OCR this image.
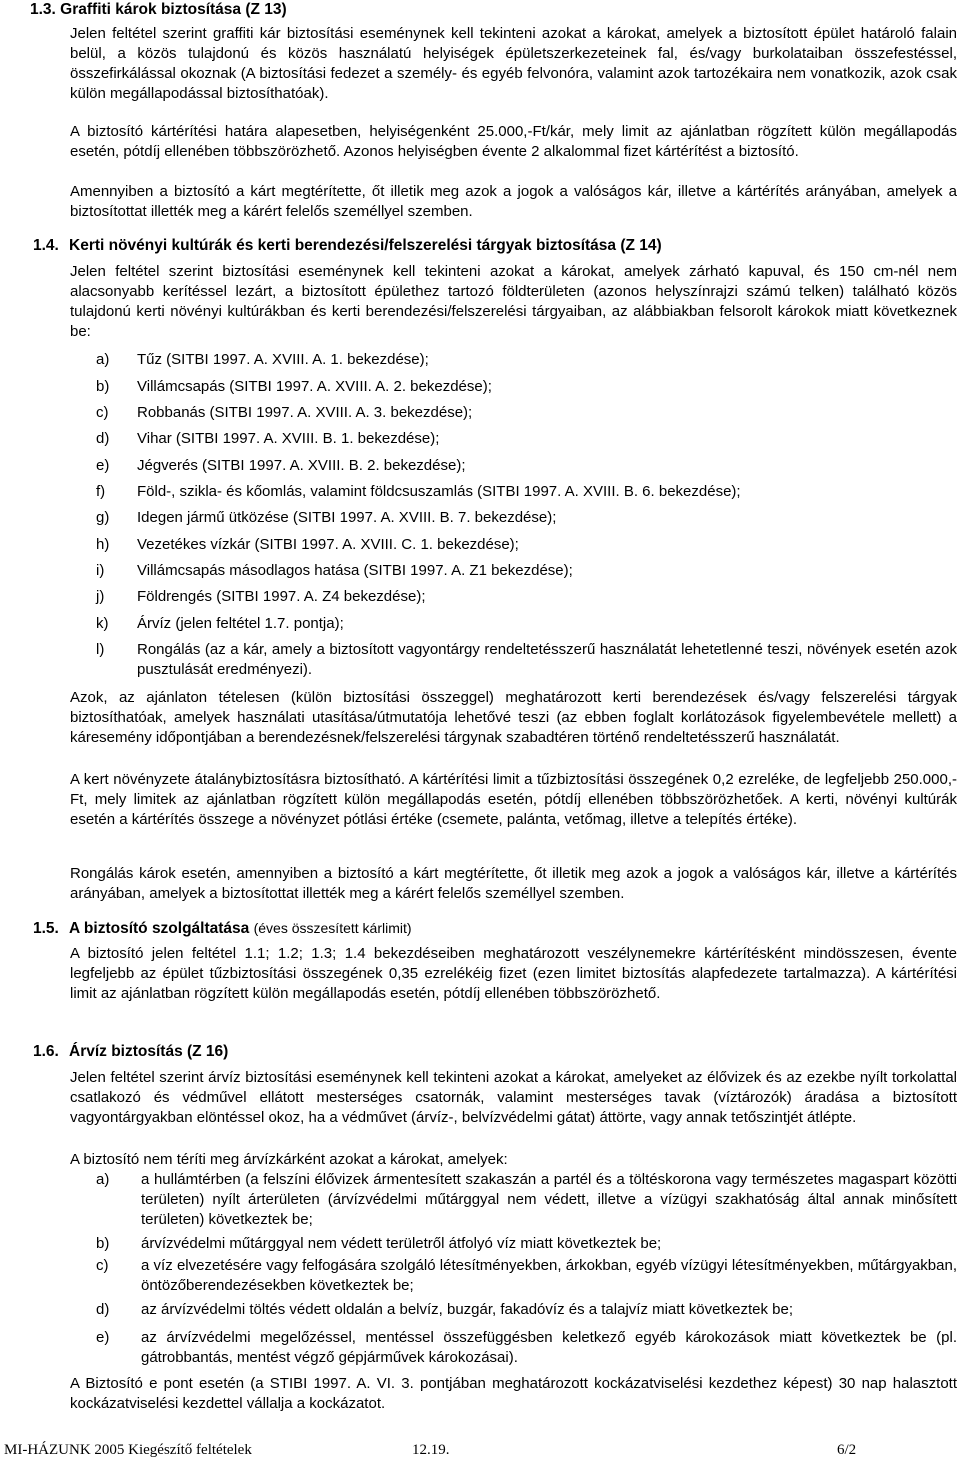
1.3. Graffiti károk biztosítása (Z 13)
Jelen feltétel szerint graffiti kár biztosítási eseménynek kell tekinteni azokat a károkat, amelyek a biztosított épület határoló falain belül, a közös tulajdonú és közös használatú helyiségek épületszerkezeteinek fal, és/vagy burkolataiban összefestéssel, összefirkálással okoznak (A biztosítási fedezet a személy- és egyéb felvonóra, valamint azok tartozékaira nem vonatkozik, azok csak külön megállapodással biztosíthatóak).
A biztosító kártérítési határa alapesetben, helyiségenként 25.000,-Ft/kár, mely limit az ajánlatban rögzített külön megállapodás esetén, pótdíj ellenében többszörözhető. Azonos helyiségben évente 2 alkalommal fizet kártérítést a biztosító.
Amennyiben a biztosító a kárt megtérítette, őt illetik meg azok a jogok a valóságos kár, illetve a kártérítés arányában, amelyek a biztosítottat illették meg a kárért felelős személlyel szemben.
1.4. Kerti növényi kultúrák és kerti berendezési/felszerelési tárgyak biztosítása (Z 14)
Jelen feltétel szerint biztosítási eseménynek kell tekinteni azokat a károkat, amelyek zárható kapuval, és 150 cm-nél nem alacsonyabb kerítéssel lezárt, a biztosított épülethez tartozó földterületen (azonos helyszínrajzi számú telken) található közös tulajdonú kerti növényi kultúrákban és kerti berendezési/felszerelési tárgyaiban, az alábbiakban felsorolt károkok miatt következnek be:
a) Tűz (SITBI 1997. A. XVIII. A. 1. bekezdése);
b) Villámcsapás (SITBI 1997. A. XVIII. A. 2. bekezdése);
c) Robbanás (SITBI 1997. A. XVIII. A. 3. bekezdése);
d) Vihar (SITBI 1997. A. XVIII. B. 1. bekezdése);
e) Jégverés (SITBI 1997. A. XVIII. B. 2. bekezdése);
f) Föld-, szikla- és kőomlás, valamint földcsuszamlás (SITBI 1997. A. XVIII. B. 6. bekezdése);
g) Idegen jármű ütközése (SITBI 1997. A. XVIII. B. 7. bekezdése);
h) Vezetékes vízkár (SITBI 1997. A. XVIII. C. 1. bekezdése);
i) Villámcsapás másodlagos hatása (SITBI 1997. A. Z1 bekezdése);
j) Földrengés (SITBI 1997. A. Z4 bekezdése);
k) Árvíz (jelen feltétel 1.7. pontja);
l) Rongálás (az a kár, amely a biztosított vagyontárgy rendeltetésszerű használatát lehetetlenné teszi, növények esetén azok pusztulását eredményezi).
Azok, az ajánlaton tételesen (külön biztosítási összeggel) meghatározott kerti berendezések és/vagy felszerelési tárgyak biztosíthatóak, amelyek használati utasítása/útmutatója lehetővé teszi (az ebben foglalt korlátozások figyelembevétele mellett) a káresemény időpontjában a berendezésnek/felszerelési tárgynak szabadtéren történő rendeltetésszerű használatát.
A kert növényzete átalánybiztosításra biztosítható. A kártérítési limit a tűzbiztosítási összegének 0,2 ezreléke, de legfeljebb 250.000,-Ft, mely limitek az ajánlatban rögzített külön megállapodás esetén, pótdíj ellenében többszörözhetőek. A kerti, növényi kultúrák esetén a kártérítés összege a növényzet pótlási értéke (csemete, palánta, vetőmag, illetve a telepítés értéke).
Rongálás károk esetén, amennyiben a biztosító a kárt megtérítette, őt illetik meg azok a jogok a valóságos kár, illetve a kártérítés arányában, amelyek a biztosítottat illették meg a kárért felelős személlyel szemben.
1.5. A biztosító szolgáltatása (éves összesített kárlimit)
A biztosító jelen feltétel 1.1; 1.2; 1.3; 1.4 bekezdéseiben meghatározott veszélynemekre kártérítésként mindösszesen, évente legfeljebb az épület tűzbiztosítási összegének 0,35 ezrelékéig fizet (ezen limitet biztosítás alapfedezete tartalmazza). A kártérítési limit az ajánlatban rögzített külön megállapodás esetén, pótdíj ellenében többszörözhető.
1.6. Árvíz biztosítás (Z 16)
Jelen feltétel szerint árvíz biztosítási eseménynek kell tekinteni azokat a károkat, amelyeket az élővizek és az ezekbe nyílt torkolattal csatlakozó és védművel ellátott mesterséges csatornák, valamint mesterséges tavak (víztározók) áradása a biztosított vagyontárgyakban elöntéssel okoz, ha a védművet (árvíz-, belvízvédelmi gátat) áttörte, vagy annak tetőszintjét átlépte.
A biztosító nem téríti meg árvízkárként azokat a károkat, amelyek:
a) a hullámtérben (a felszíni élővizek ármentesített szakaszán a partél és a töltéskorona vagy természetes magaspart közötti területen) nyílt árterületen (árvízvédelmi műtárggyal nem védett, illetve a vízügyi szakhatóság által annak minősített területen) következtek be;
b) árvízvédelmi műtárggyal nem védett területről átfolyó víz miatt következtek be;
c) a víz elvezetésére vagy felfogására szolgáló létesítményekben, árkokban, egyéb vízügyi létesítményekben, műtárgyakban, öntözőberendezésekben következtek be;
d) az árvízvédelmi töltés védett oldalán a belvíz, buzgár, fakadóvíz és a talajvíz miatt következtek be;
e) az árvízvédelmi megelőzéssel, mentéssel összefüggésben keletkező egyéb károkozások miatt következtek be (pl. gátrobbantás, mentést végző gépjárművek károkozásai).
A Biztosító e pont esetén (a STIBI 1997. A. VI. 3. pontjában meghatározott kockázatviselési kezdethez képest) 30 nap halasztott kockázatviselési kezdettel vállalja a kockázatot.
MI-HÁZUNK 2005 Kiegészítő feltételek	12.19.	6/2
